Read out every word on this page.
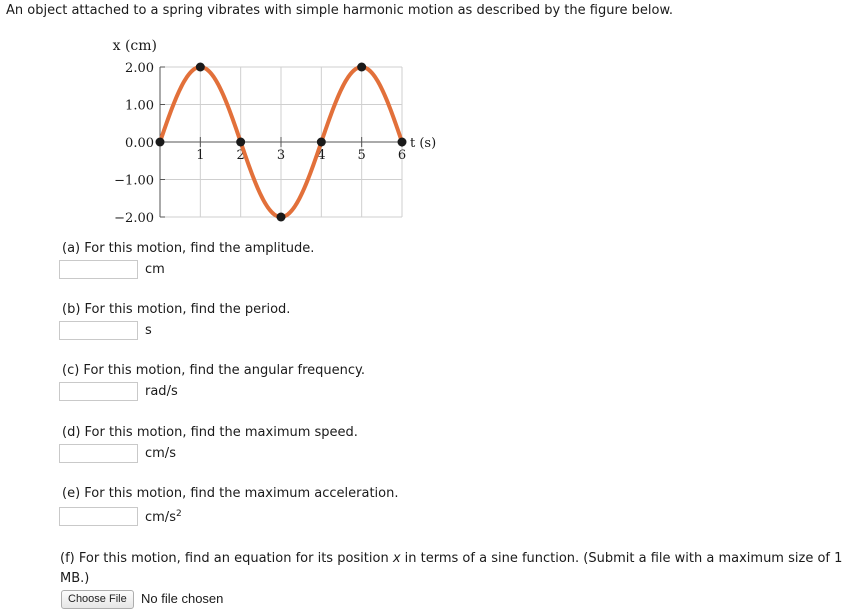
An object attached to a spring vibrates with simple harmonic motion as described by the figure below.
2.00
1.00
0.00
−1.00
−2.00
1 2 3 4 5 6
x (cm)
t (s)
(a) For this motion, find the amplitude.
cm
(b) For this motion, find the period.
s
(c) For this motion, find the angular frequency.
rad/s
(d) For this motion, find the maximum speed.
cm/s
(e) For this motion, find the maximum acceleration.
$cm/s^2$
(f) For this motion, find an equation for its position x in terms of a sine function. (Submit a file with a maximum size of 1 MB.)
Choose File	No file chosen
